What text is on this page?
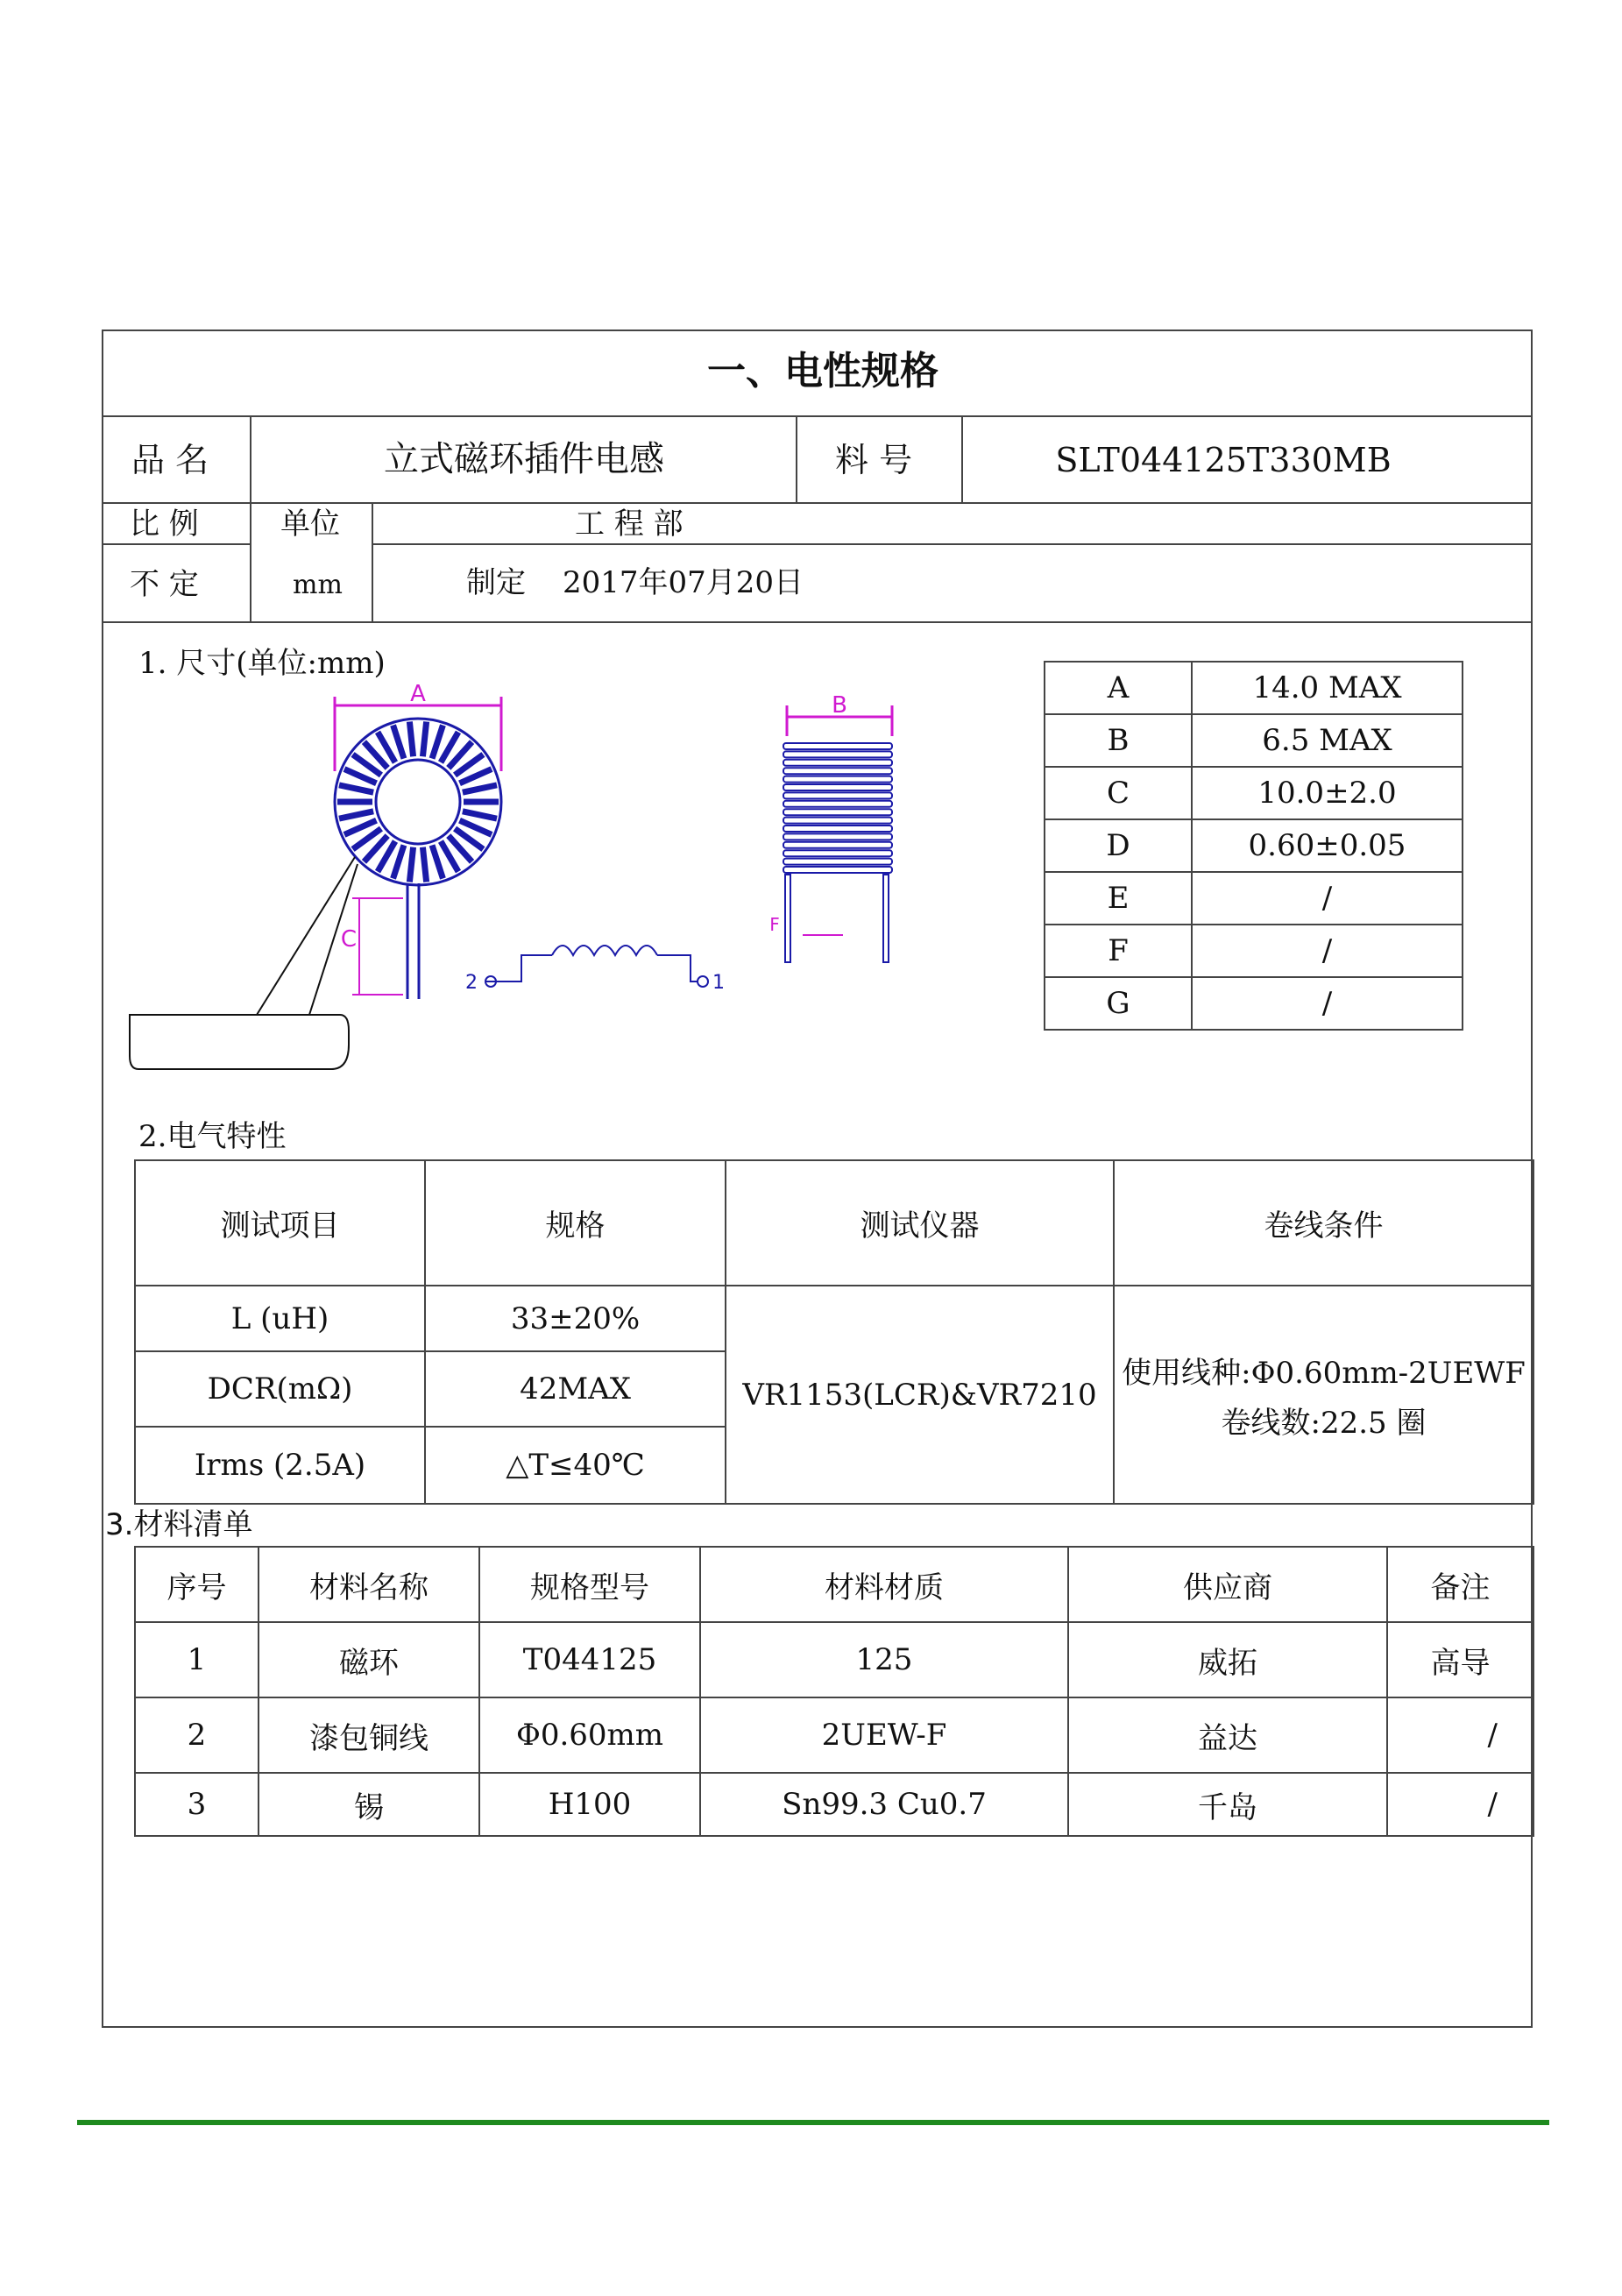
一、电性规格
品 名	立式磁环插件电感	料 号	SLT044125T330MB
比 例	单位	工 程 部
不 定	mm	制定 2017年07月20日
1. 尺寸(单位:mm)
A
C
2	1
B
F
A	14.0 MAX
B	6.5 MAX
C	10.0±2.0
D	0.60±0.05
E	/
F	/
G	/
2.电气特性
测试项目	规格	测试仪器	卷线条件
L (uH)	33±20%	VR1153(LCR)&VR7210	使用线种:Φ0.60mm-2UEWF
卷线数:22.5 圈

DCR(mΩ)	42MAX		
Irms (2.5A)	△T≤40℃		
3.材料清单
序号	材料名称	规格型号	材料材质	供应商	备注
1	磁环	T044125	125	威拓	高导
2	漆包铜线	Φ0.60mm	2UEW-F	益达	/
3	锡	H100	Sn99.3 Cu0.7	千岛	/
